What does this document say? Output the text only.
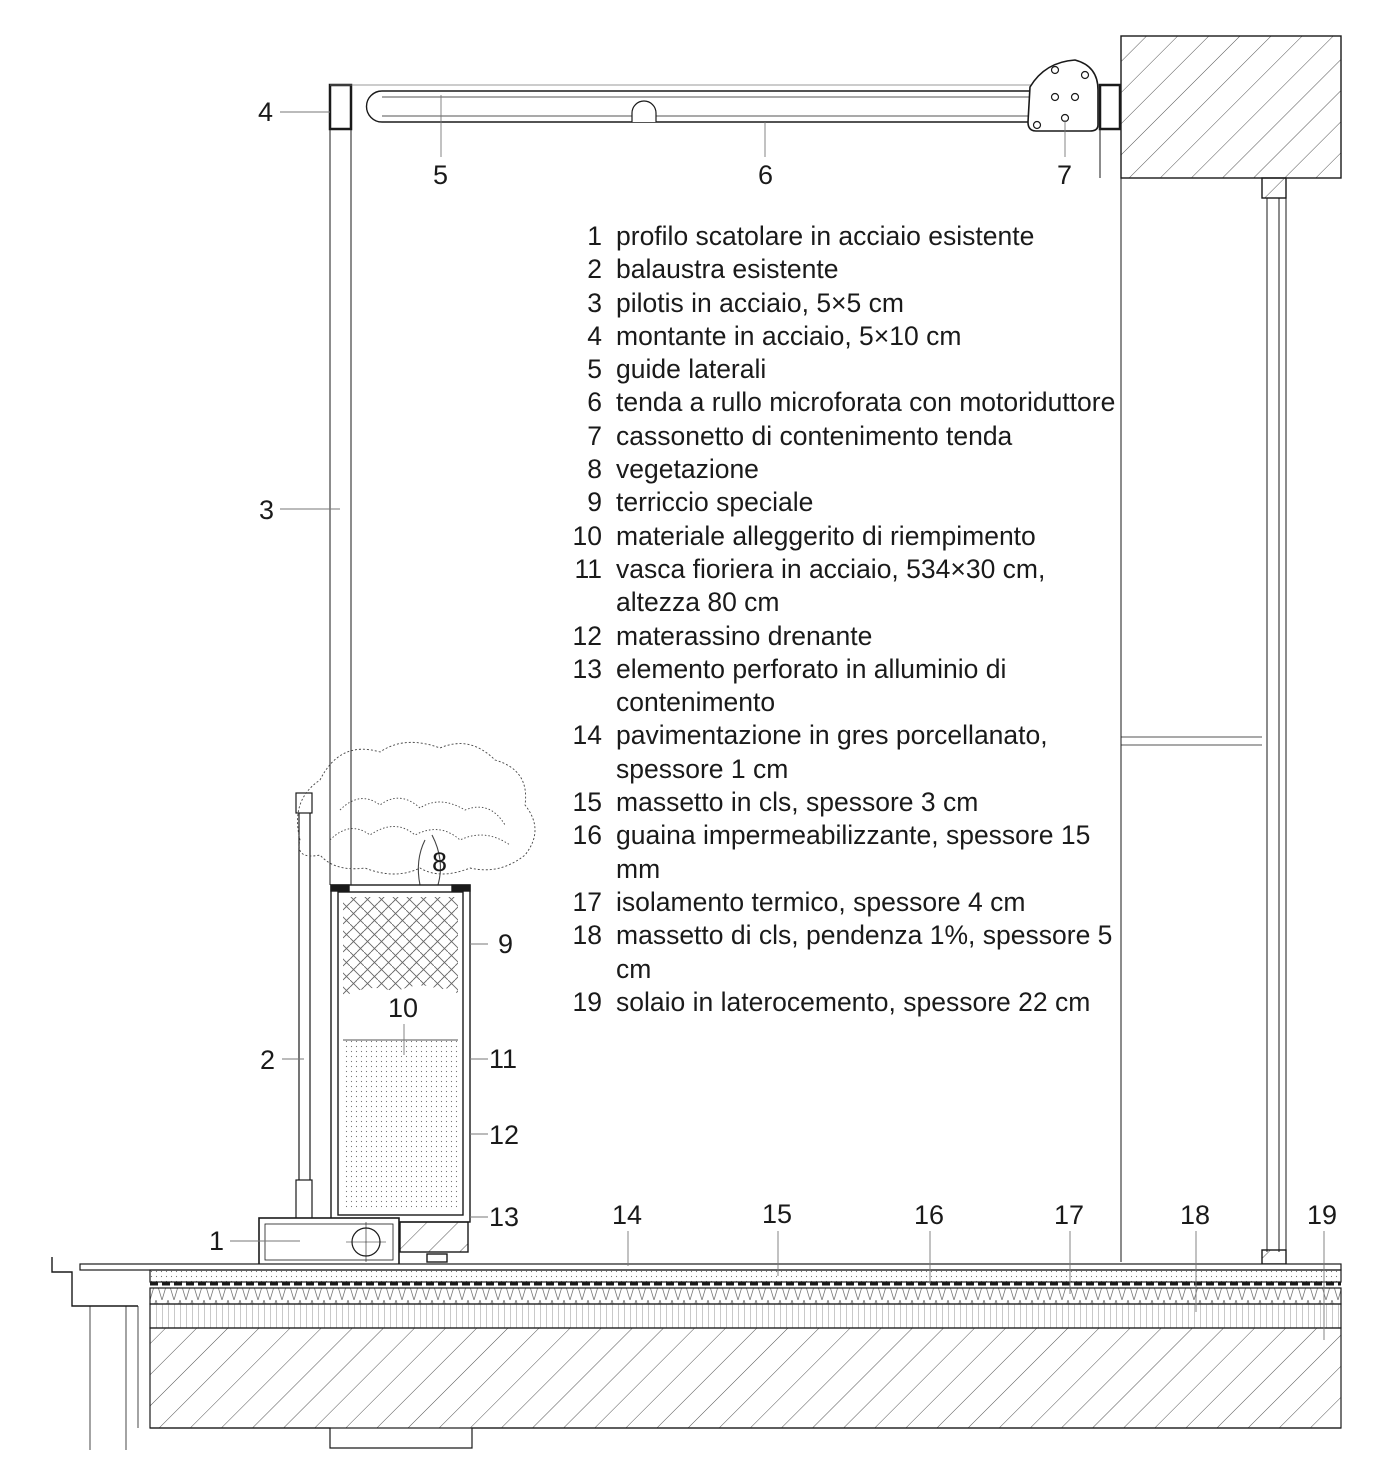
4
5	6	7
3
8
9
10
2	11
12
13	14	15	16	17	18	19
1
1 profilo scatolare in acciaio esistente
2 balaustra esistente
3 pilotis in acciaio, 5×5 cm
4 montante in acciaio, 5×10 cm
5 guide laterali
6 tenda a rullo microforata con motoriduttore
7 cassonetto di contenimento tenda
8 vegetazione
9 terriccio speciale
10 materiale alleggerito di riempimento
11 vasca fioriera in acciaio, 534×30 cm, altezza 80 cm
12 materassino drenante
13 elemento perforato in alluminio di contenimento
14 pavimentazione in gres porcellanato, spessore 1 cm
15 massetto in cls, spessore 3 cm
16 guaina impermeabilizzante, spessore 15 mm
17 isolamento termico, spessore 4 cm
18 massetto di cls, pendenza 1%, spessore 5 cm
19 solaio in laterocemento, spessore 22 cm
